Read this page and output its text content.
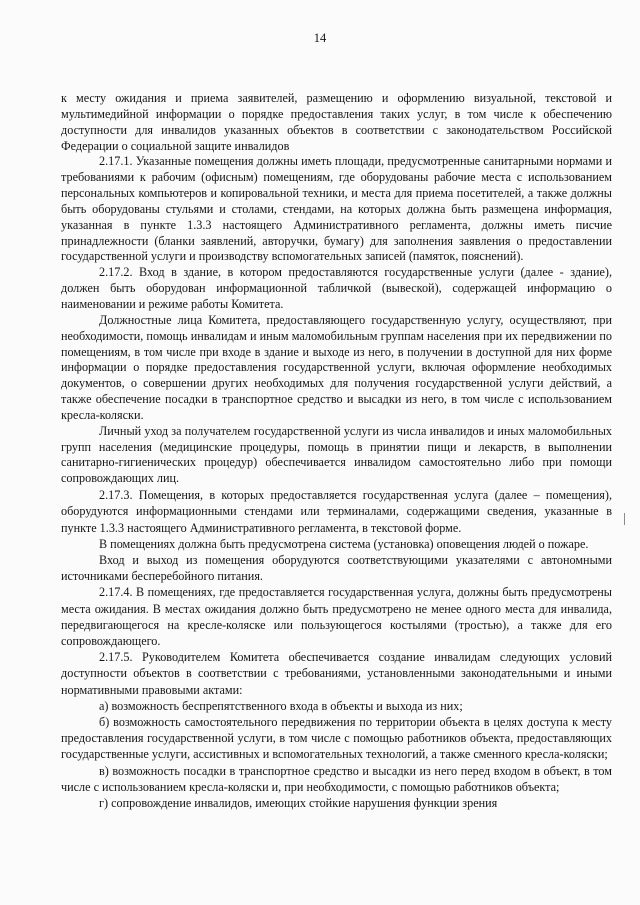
14

к месту ожидания и приема заявителей, размещению и оформлению визуальной, текстовой и мультимедийной информации о порядке предоставления таких услуг, в том числе к обеспечению доступности для инвалидов указанных объектов в соответствии с законодательством Российской Федерации о социальной защите инвалидов

2.17.1. Указанные помещения должны иметь площади, предусмотренные санитарными нормами и требованиями к рабочим (офисным) помещениям, где оборудованы рабочие места с использованием персональных компьютеров и копировальной техники, и места для приема посетителей, а также должны быть оборудованы стульями и столами, стендами, на которых должна быть размещена информация, указанная в пункте 1.3.3 настоящего Административного регламента, должны иметь писчие принадлежности (бланки заявлений, авторучки, бумагу) для заполнения заявления о предоставлении государственной услуги и производству вспомогательных записей (памяток, пояснений).

2.17.2. Вход в здание, в котором предоставляются государственные услуги (далее - здание), должен быть оборудован информационной табличкой (вывеской), содержащей информацию о наименовании и режиме работы Комитета.

Должностные лица Комитета, предоставляющего государственную услугу, осуществляют, при необходимости, помощь инвалидам и иным маломобильным группам населения при их передвижении по помещениям, в том числе при входе в здание и выходе из него, в получении в доступной для них форме информации о порядке предоставления государственной услуги, включая оформление необходимых документов, о совершении других необходимых для получения государственной услуги действий, а также обеспечение посадки в транспортное средство и высадки из него, в том числе с использованием кресла-коляски.

Личный уход за получателем государственной услуги из числа инвалидов и иных маломобильных групп населения (медицинские процедуры, помощь в принятии пищи и лекарств, в выполнении санитарно-гигиенических процедур) обеспечивается инвалидом самостоятельно либо при помощи сопровождающих лиц.

2.17.3. Помещения, в которых предоставляется государственная услуга (далее – помещения), оборудуются информационными стендами или терминалами, содержащими сведения, указанные в пункте 1.3.3 настоящего Административного регламента, в текстовой форме.

В помещениях должна быть предусмотрена система (установка) оповещения людей о пожаре.

Вход и выход из помещения оборудуются соответствующими указателями с автономными источниками бесперебойного питания.

2.17.4. В помещениях, где предоставляется государственная услуга, должны быть предусмотрены места ожидания. В местах ожидания должно быть предусмотрено не менее одного места для инвалида, передвигающегося на кресле-коляске или пользующегося костылями (тростью), а также для его сопровождающего.

2.17.5. Руководителем Комитета обеспечивается создание инвалидам следующих условий доступности объектов в соответствии с требованиями, установленными законодательными и иными нормативными правовыми актами:

а) возможность беспрепятственного входа в объекты и выхода из них;

б) возможность самостоятельного передвижения по территории объекта в целях доступа к месту предоставления государственной услуги, в том числе с помощью работников объекта, предоставляющих государственные услуги, ассистивных и вспомогательных технологий, а также сменного кресла-коляски;

в) возможность посадки в транспортное средство и высадки из него перед входом в объект, в том числе с использованием кресла-коляски и, при необходимости, с помощью работников объекта;

г) сопровождение инвалидов, имеющих стойкие нарушения функции зрения
